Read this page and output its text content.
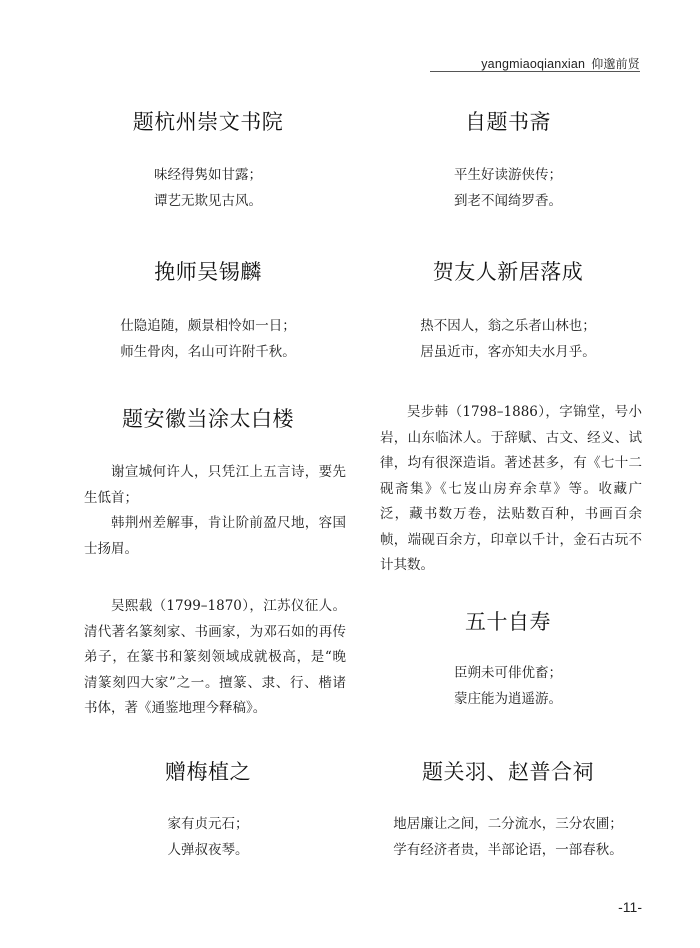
yangmiaoqianxian 仰邈前贤
题杭州崇文书院
味经得隽如甘露；
谭艺无欺见古风。
挽师吴锡麟
仕隐追随，颇景相怜如一日；
师生骨肉，名山可许附千秋。
题安徽当涂太白楼

谢宣城何许人，只凭江上五言诗，要先生低首；

韩荆州差解事，肯让阶前盈尺地，容国士扬眉。

吴熙载（1799–1870），江苏仪征人。清代著名篆刻家、书画家，为邓石如的再传弟子，在篆书和篆刻领域成就极高，是“晚清篆刻四大家”之一。擅篆、隶、行、楷诸书体，著《通鉴地理今释稿》。

赠梅植之
家有贞元石；
人弹叔夜琴。
自题书斋
平生好读游侠传；
到老不闻绮罗香。
贺友人新居落成
热不因人，翁之乐者山林也；
居虽近市，客亦知夫水月乎。

吴步韩（1798–1886），字锦堂，号小岩，山东临沭人。于辞赋、古文、经义、试律，均有很深造诣。著述甚多，有《七十二砚斋集》《七岌山房弃余草》等。收藏广泛，藏书数万卷，法贴数百种，书画百余帧，端砚百余方，印章以千计，金石古玩不计其数。

五十自寿
臣朔未可俳优畜；
蒙庄能为逍遥游。
题关羽、赵普合祠
地居廉让之间，二分流水，三分农圃；
学有经济者贵，半部论语，一部春秋。
-11-
